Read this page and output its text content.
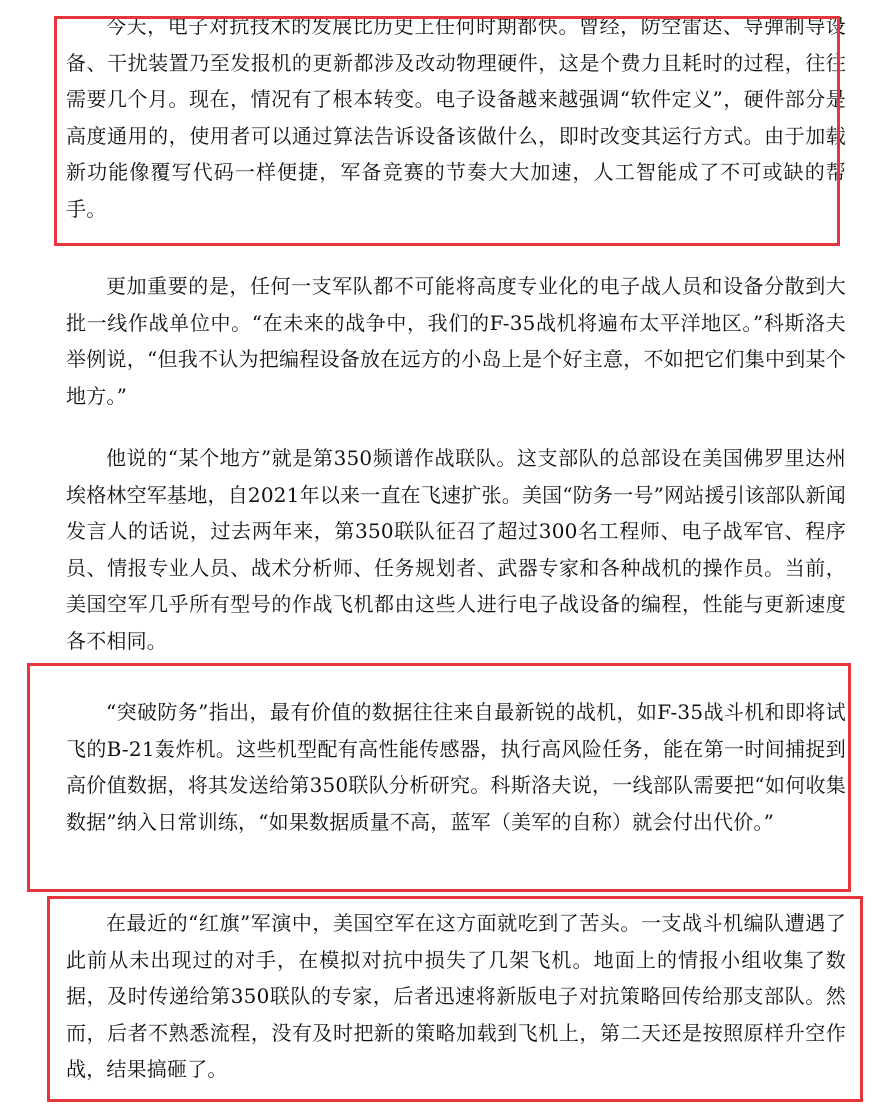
今天，电子对抗技术的发展比历史上任何时期都快。曾经，防空雷达、导弹制导设备、干扰装置乃至发报机的更新都涉及改动物理硬件，这是个费力且耗时的过程，往往需要几个月。现在，情况有了根本转变。电子设备越来越强调“软件定义”，硬件部分是高度通用的，使用者可以通过算法告诉设备该做什么，即时改变其运行方式。由于加载新功能像覆写代码一样便捷，军备竞赛的节奏大大加速，人工智能成了不可或缺的帮手。

更加重要的是，任何一支军队都不可能将高度专业化的电子战人员和设备分散到大批一线作战单位中。“在未来的战争中，我们的F-35战机将遍布太平洋地区。”科斯洛夫举例说，“但我不认为把编程设备放在远方的小岛上是个好主意，不如把它们集中到某个地方。”

他说的“某个地方”就是第350频谱作战联队。这支部队的总部设在美国佛罗里达州埃格林空军基地，自2021年以来一直在飞速扩张。美国“防务一号”网站援引该部队新闻发言人的话说，过去两年来，第350联队征召了超过300名工程师、电子战军官、程序员、情报专业人员、战术分析师、任务规划者、武器专家和各种战机的操作员。当前，美国空军几乎所有型号的作战飞机都由这些人进行电子战设备的编程，性能与更新速度各不相同。

“突破防务”指出，最有价值的数据往往来自最新锐的战机，如F-35战斗机和即将试飞的B-21轰炸机。这些机型配有高性能传感器，执行高风险任务，能在第一时间捕捉到高价值数据，将其发送给第350联队分析研究。科斯洛夫说，一线部队需要把“如何收集数据”纳入日常训练，“如果数据质量不高，蓝军（美军的自称）就会付出代价。”

在最近的“红旗”军演中，美国空军在这方面就吃到了苦头。一支战斗机编队遭遇了此前从未出现过的对手，在模拟对抗中损失了几架飞机。地面上的情报小组收集了数据，及时传递给第350联队的专家，后者迅速将新版电子对抗策略回传给那支部队。然而，后者不熟悉流程，没有及时把新的策略加载到飞机上，第二天还是按照原样升空作战，结果搞砸了。
